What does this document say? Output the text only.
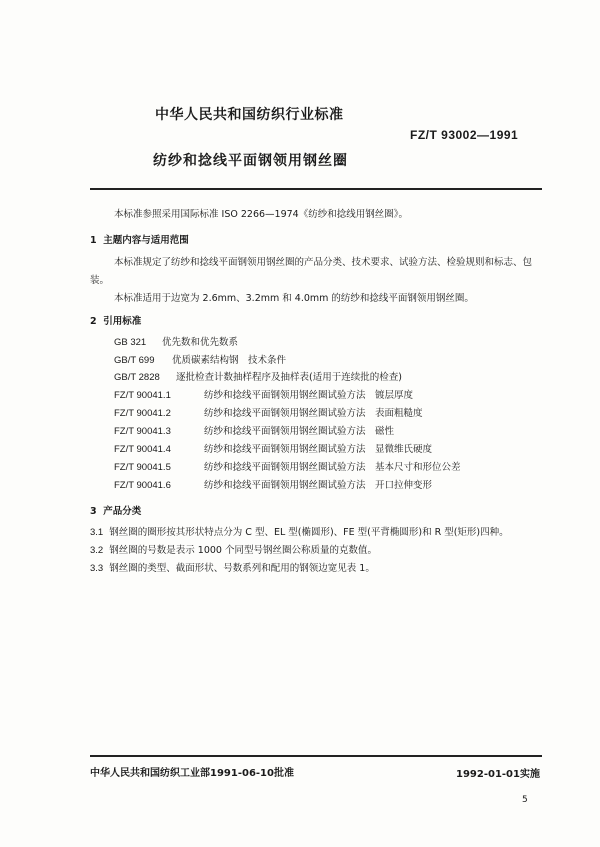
中华人民共和国纺织行业标准
FZ/T 93002—1991
纺纱和捻线平面钢领用钢丝圈
本标准参照采用国际标准 ISO 2266—1974《纺纱和捻线用钢丝圈》。
1 主题内容与适用范围
本标准规定了纺纱和捻线平面钢领用钢丝圈的产品分类、技术要求、试验方法、检验规则和标志、包
装。
本标准适用于边宽为 2.6mm、3.2mm 和 4.0mm 的纺纱和捻线平面钢领用钢丝圈。
2 引用标准
GB 321 优先数和优先数系
GB/T 699 优质碳素结构钢　技术条件
GB/T 2828 逐批检查计数抽样程序及抽样表(适用于连续批的检查)
FZ/T 90041.1	纺纱和捻线平面钢领用钢丝圈试验方法　镀层厚度
FZ/T 90041.2	纺纱和捻线平面钢领用钢丝圈试验方法　表面粗糙度
FZ/T 90041.3	纺纱和捻线平面钢领用钢丝圈试验方法　磁性
FZ/T 90041.4	纺纱和捻线平面钢领用钢丝圈试验方法　显微维氏硬度
FZ/T 90041.5	纺纱和捻线平面钢领用钢丝圈试验方法　基本尺寸和形位公差
FZ/T 90041.6	纺纱和捻线平面钢领用钢丝圈试验方法　开口拉伸变形
3 产品分类
3.1 钢丝圈的圈形按其形状特点分为 C 型、EL 型(椭圆形)、FE 型(平背椭圆形)和 R 型(矩形)四种。
3.2 钢丝圈的号数是表示 1000 个同型号钢丝圈公称质量的克数值。
3.3 钢丝圈的类型、截面形状、号数系列和配用的钢领边宽见表 1。
中华人民共和国纺织工业部1991-06-10批准	1992-01-01实施
5
